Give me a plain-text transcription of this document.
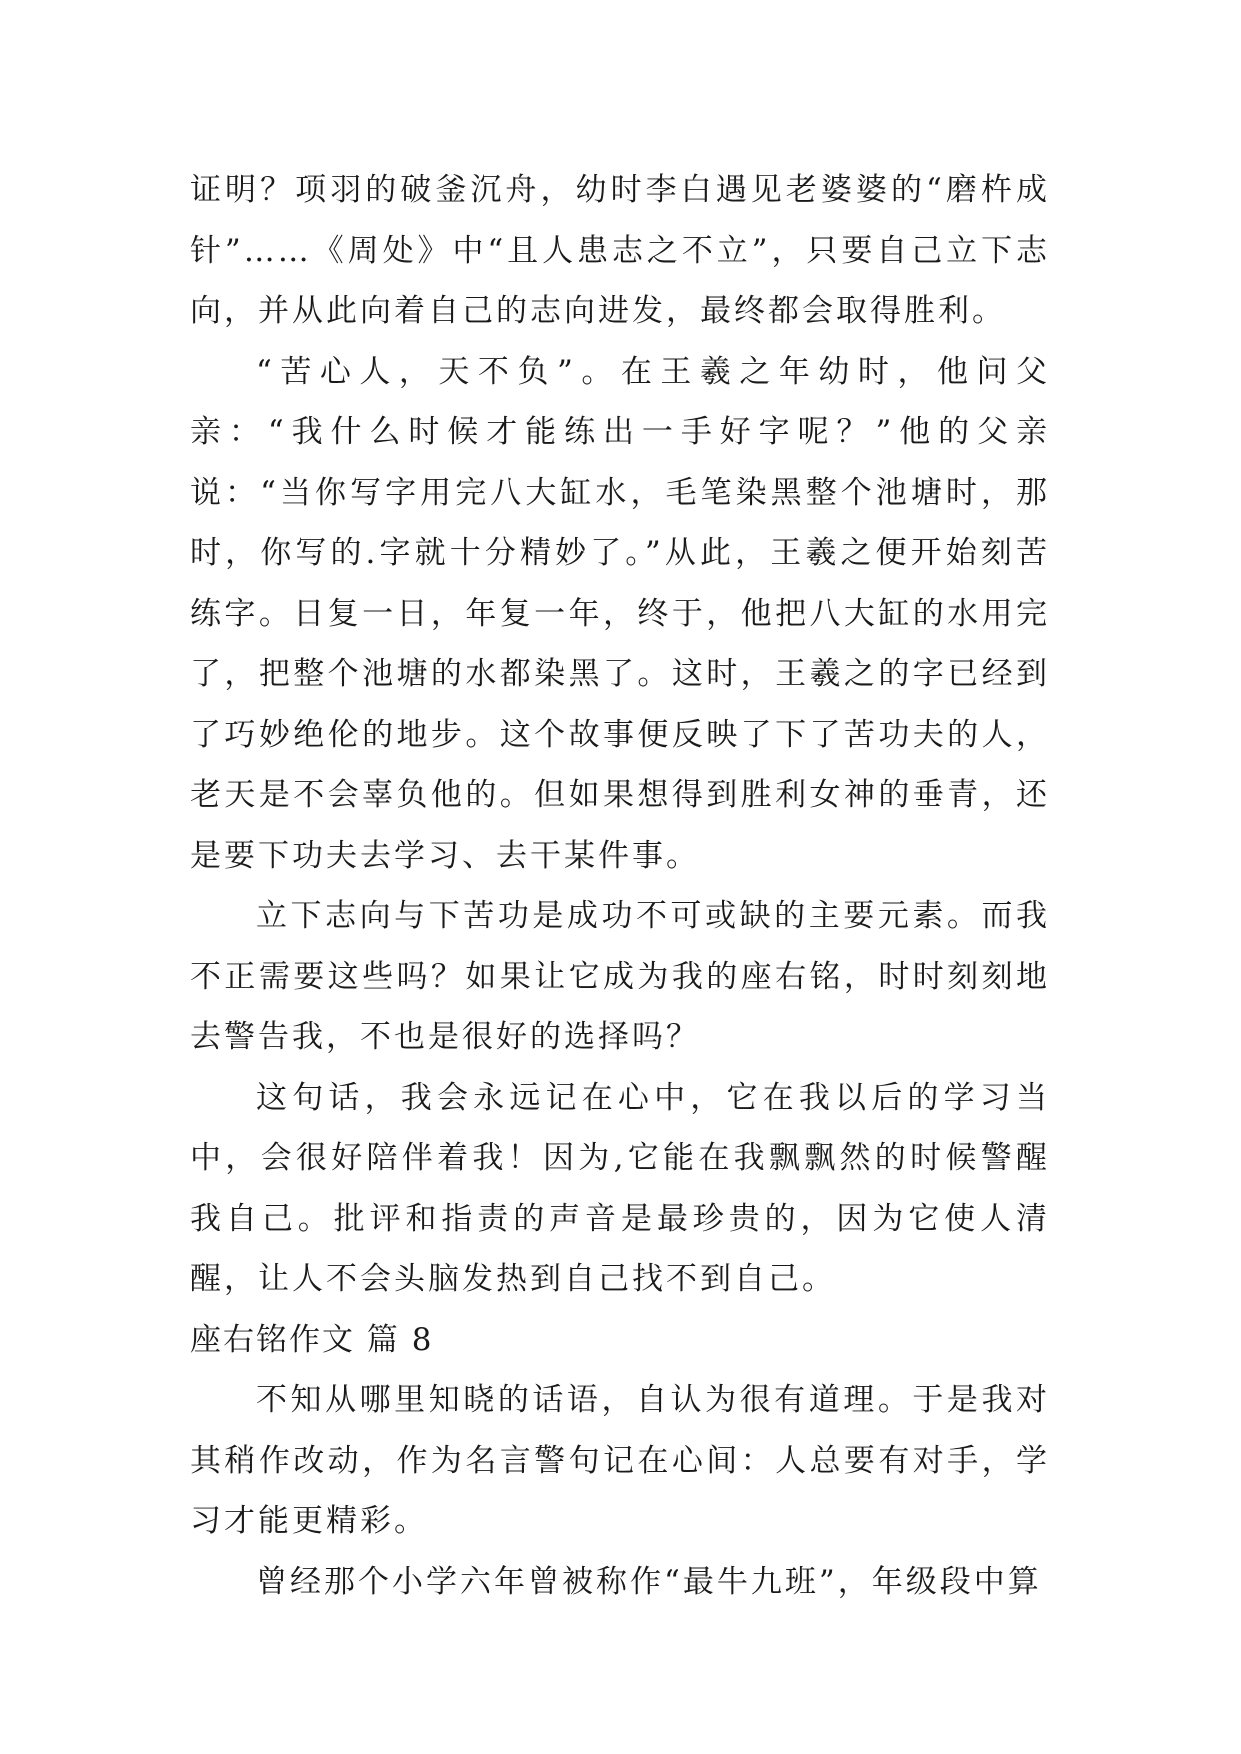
证明？项羽的破釜沉舟，幼时李白遇见老婆婆的“磨杵成针”……《周处》中“且人患志之不立”，只要自己立下志向，并从此向着自己的志向进发，最终都会取得胜利。

“苦心人，天不负”。在王羲之年幼时，他问父亲：“我什么时候才能练出一手好字呢？”他的父亲说：“当你写字用完八大缸水，毛笔染黑整个池塘时，那时，你写的.字就十分精妙了。”从此，王羲之便开始刻苦练字。日复一日，年复一年，终于，他把八大缸的水用完了，把整个池塘的水都染黑了。这时，王羲之的字已经到了巧妙绝伦的地步。这个故事便反映了下了苦功夫的人，老天是不会辜负他的。但如果想得到胜利女神的垂青，还是要下功夫去学习、去干某件事。

立下志向与下苦功是成功不可或缺的主要元素。而我不正需要这些吗？如果让它成为我的座右铭，时时刻刻地去警告我，不也是很好的选择吗？

这句话，我会永远记在心中，它在我以后的学习当中，会很好陪伴着我！因为,它能在我飘飘然的时候警醒我自己。批评和指责的声音是最珍贵的，因为它使人清醒，让人不会头脑发热到自己找不到自己。

座右铭作文 篇 8

不知从哪里知晓的话语，自认为很有道理。于是我对其稍作改动，作为名言警句记在心间：人总要有对手，学习才能更精彩。

曾经那个小学六年曾被称作“最牛九班”，年级段中算
